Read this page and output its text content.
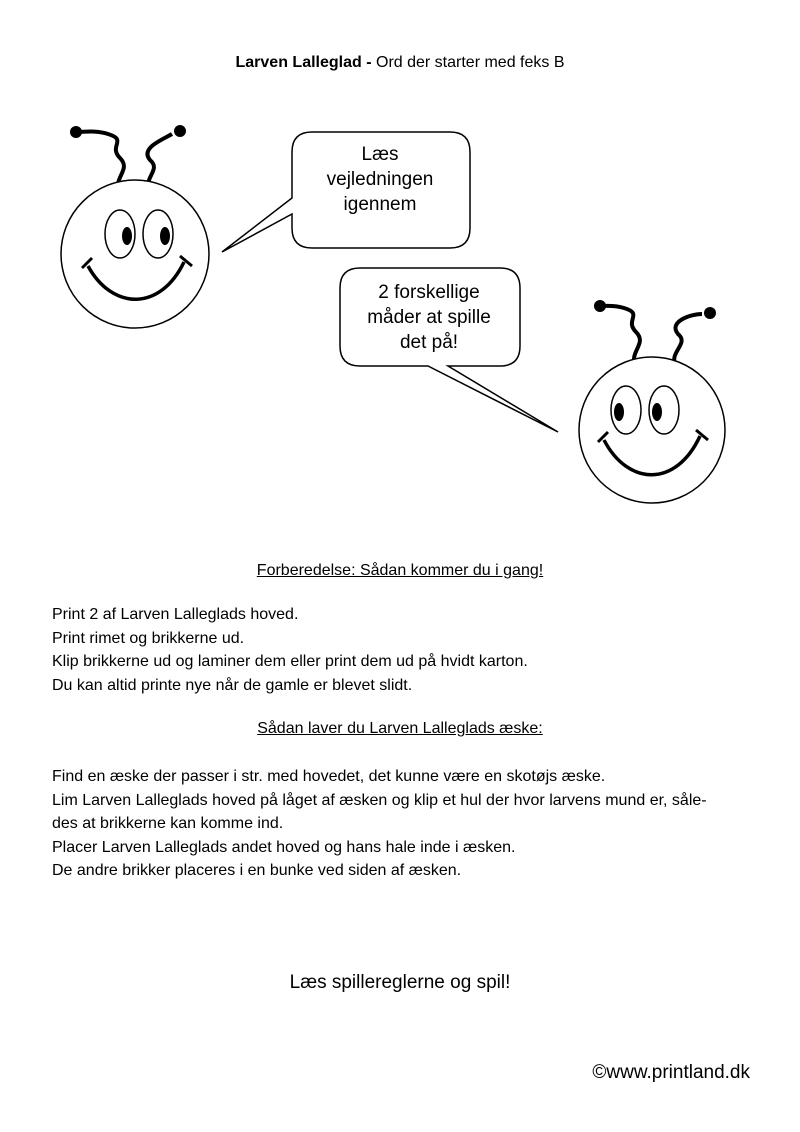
Larven Lalleglad - Ord der starter med feks B
Læs
vejledningen
igennem
2 forskellige
måder at spille
det på!
Forberedelse: Sådan kommer du i gang!
Print 2 af Larven Lalleglads hoved.
Print rimet og brikkerne ud.
Klip brikkerne ud og laminer dem eller print dem ud på hvidt karton.
Du kan altid printe nye når de gamle er blevet slidt.
Sådan laver du Larven Lalleglads æske:
Find en æske der passer i str. med hovedet, det kunne være en skotøjs æske.
Lim Larven Lalleglads hoved på låget af æsken og klip et hul der hvor larvens mund er, såle-
des at brikkerne kan komme ind.
Placer Larven Lalleglads andet hoved og hans hale inde i æsken.
De andre brikker placeres i en bunke ved siden af æsken.
Læs spillereglerne og spil!
©www.printland.dk
